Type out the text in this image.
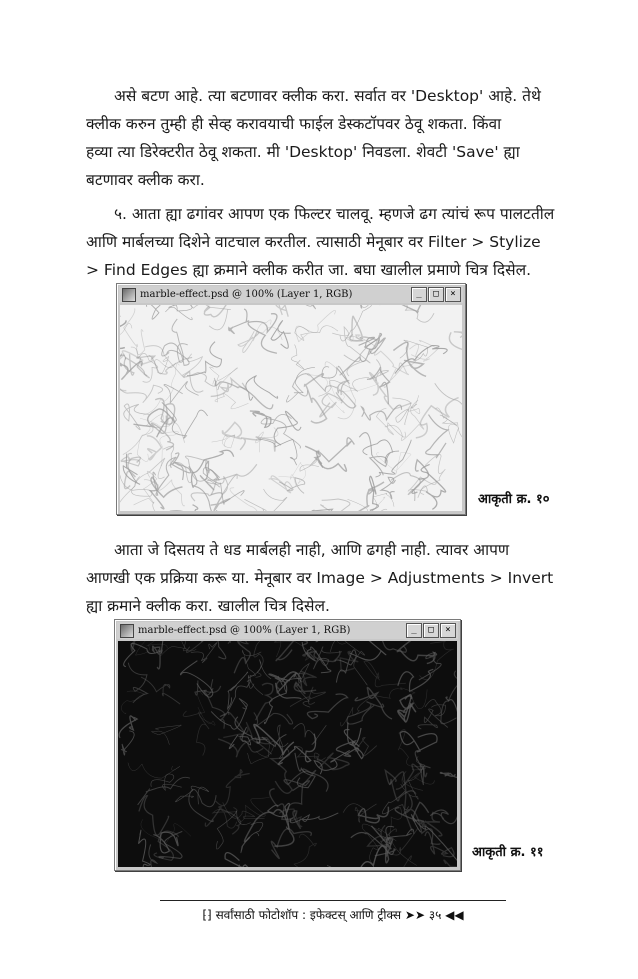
असे बटण आहे. त्या बटणावर क्लीक करा. सर्वात वर 'Desktop' आहे. तेथे
क्लीक करुन तुम्ही ही सेव्ह करावयाची फाईल डेस्कटॉपवर ठेवू शकता. किंवा
हव्या त्या डिरेक्टरीत ठेवू शकता. मी 'Desktop' निवडला. शेवटी 'Save' ह्या
बटणावर क्लीक करा.
५. आता ह्या ढगांवर आपण एक फिल्टर चालवू. म्हणजे ढग त्यांचं रूप पालटतील
आणि मार्बलच्या दिशेने वाटचाल करतील. त्यासाठी मेनूबार वर Filter > Stylize
> Find Edges ह्या क्रमाने क्लीक करीत जा. बघा खालील प्रमाणे चित्र दिसेल.
marble-effect.psd @ 100% (Layer 1, RGB)	_	□	×
आकृती क्र. १०
आता जे दिसतय ते धड मार्बलही नाही, आणि ढगही नाही. त्यावर आपण
आणखी एक प्रक्रिया करू या. मेनूबार वर Image > Adjustments > Invert
ह्या क्रमाने क्लीक करा. खालील चित्र दिसेल.
marble-effect.psd @ 100% (Layer 1, RGB)	_	□	×
आकृती क्र. ११
⁅⁆ सर्वांसाठी फोटोशॉप : इफेक्टस् आणि ट्रीक्स ➤➤ ३५ ◀◀
